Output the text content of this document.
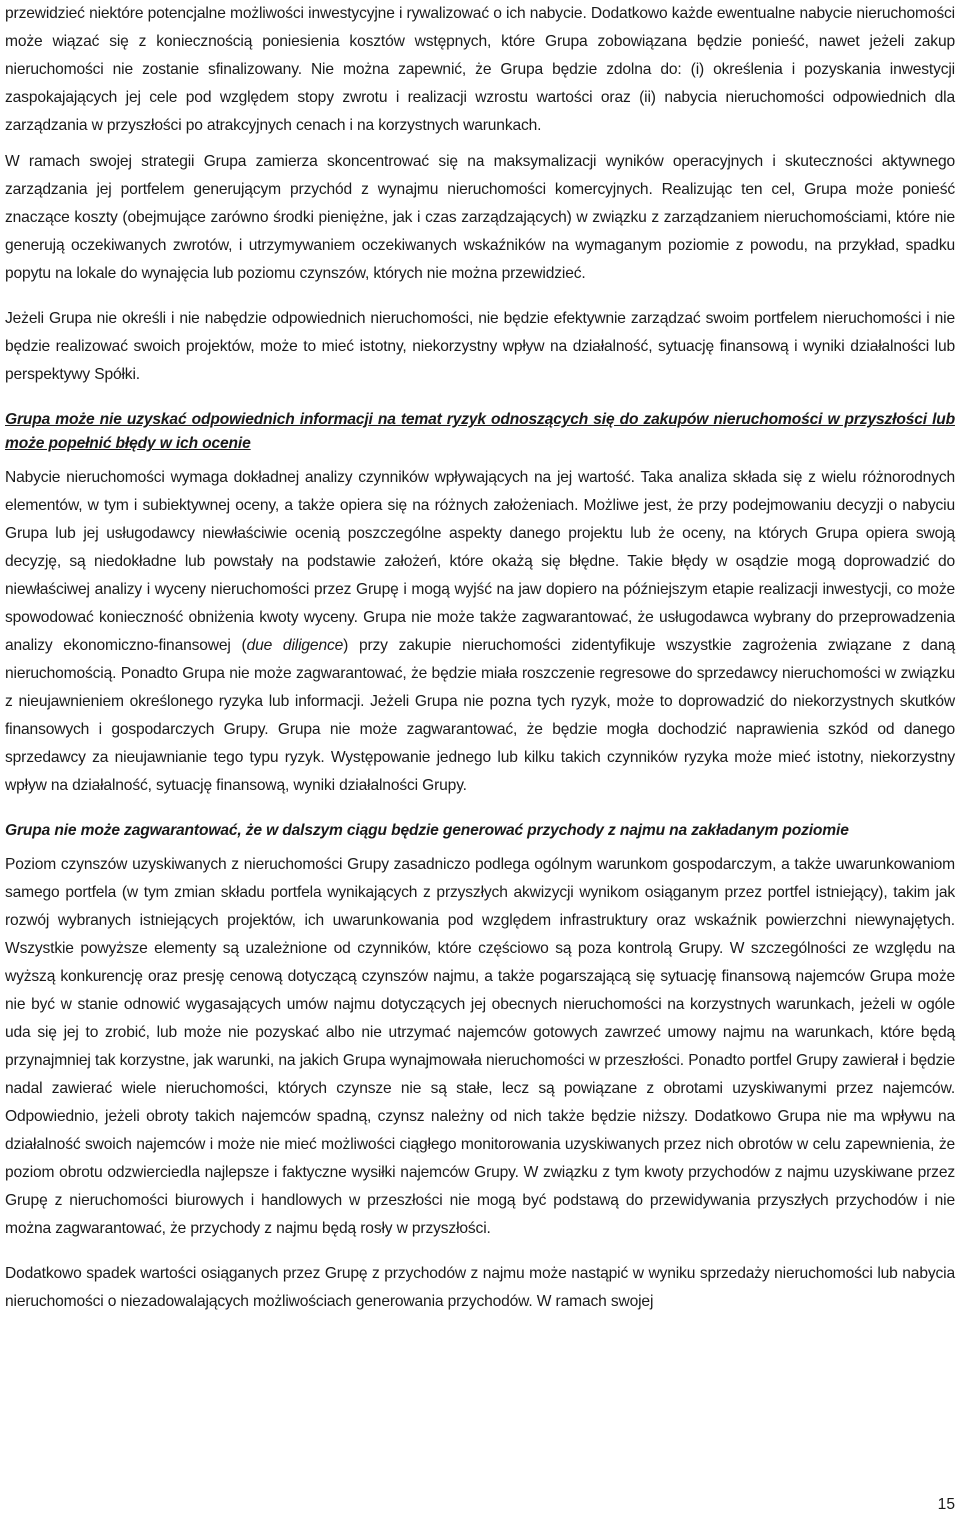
przewidzieć niektóre potencjalne możliwości inwestycyjne i rywalizować o ich nabycie. Dodatkowo każde ewentualne nabycie nieruchomości może wiązać się z koniecznością poniesienia kosztów wstępnych, które Grupa zobowiązana będzie ponieść, nawet jeżeli zakup nieruchomości nie zostanie sfinalizowany. Nie można zapewnić, że Grupa będzie zdolna do: (i) określenia i pozyskania inwestycji zaspokajających jej cele pod względem stopy zwrotu i realizacji wzrostu wartości oraz (ii) nabycia nieruchomości odpowiednich dla zarządzania w przyszłości po atrakcyjnych cenach i na korzystnych warunkach.

W ramach swojej strategii Grupa zamierza skoncentrować się na maksymalizacji wyników operacyjnych i skuteczności aktywnego zarządzania jej portfelem generującym przychód z wynajmu nieruchomości komercyjnych. Realizując ten cel, Grupa może ponieść znaczące koszty (obejmujące zarówno środki pieniężne, jak i czas zarządzających) w związku z zarządzaniem nieruchomościami, które nie generują oczekiwanych zwrotów, i utrzymywaniem oczekiwanych wskaźników na wymaganym poziomie z powodu, na przykład, spadku popytu na lokale do wynajęcia lub poziomu czynszów, których nie można przewidzieć.

Jeżeli Grupa nie określi i nie nabędzie odpowiednich nieruchomości, nie będzie efektywnie zarządzać swoim portfelem nieruchomości i nie będzie realizować swoich projektów, może to mieć istotny, niekorzystny wpływ na działalność, sytuację finansową i wyniki działalności lub perspektywy Spółki.

Grupa może nie uzyskać odpowiednich informacji na temat ryzyk odnoszących się do zakupów nieruchomości w przyszłości lub może popełnić błędy w ich ocenie

Nabycie nieruchomości wymaga dokładnej analizy czynników wpływających na jej wartość. Taka analiza składa się z wielu różnorodnych elementów, w tym i subiektywnej oceny, a także opiera się na różnych założeniach. Możliwe jest, że przy podejmowaniu decyzji o nabyciu Grupa lub jej usługodawcy niewłaściwie ocenią poszczególne aspekty danego projektu lub że oceny, na których Grupa opiera swoją decyzję, są niedokładne lub powstały na podstawie założeń, które okażą się błędne. Takie błędy w osądzie mogą doprowadzić do niewłaściwej analizy i wyceny nieruchomości przez Grupę i mogą wyjść na jaw dopiero na późniejszym etapie realizacji inwestycji, co może spowodować konieczność obniżenia kwoty wyceny. Grupa nie może także zagwarantować, że usługodawca wybrany do przeprowadzenia analizy ekonomiczno-finansowej (due diligence) przy zakupie nieruchomości zidentyfikuje wszystkie zagrożenia związane z daną nieruchomością. Ponadto Grupa nie może zagwarantować, że będzie miała roszczenie regresowe do sprzedawcy nieruchomości w związku z nieujawnieniem określonego ryzyka lub informacji. Jeżeli Grupa nie pozna tych ryzyk, może to doprowadzić do niekorzystnych skutków finansowych i gospodarczych Grupy. Grupa nie może zagwarantować, że będzie mogła dochodzić naprawienia szkód od danego sprzedawcy za nieujawnianie tego typu ryzyk. Występowanie jednego lub kilku takich czynników ryzyka może mieć istotny, niekorzystny wpływ na działalność, sytuację finansową, wyniki działalności Grupy.

Grupa nie może zagwarantować, że w dalszym ciągu będzie generować przychody z najmu na zakładanym poziomie

Poziom czynszów uzyskiwanych z nieruchomości Grupy zasadniczo podlega ogólnym warunkom gospodarczym, a także uwarunkowaniom samego portfela (w tym zmian składu portfela wynikających z przyszłych akwizycji wynikom osiąganym przez portfel istniejący), takim jak rozwój wybranych istniejących projektów, ich uwarunkowania pod względem infrastruktury oraz wskaźnik powierzchni niewynajętych. Wszystkie powyższe elementy są uzależnione od czynników, które częściowo są poza kontrolą Grupy. W szczególności ze względu na wyższą konkurencję oraz presję cenową dotyczącą czynszów najmu, a także pogarszającą się sytuację finansową najemców Grupa może nie być w stanie odnowić wygasających umów najmu dotyczących jej obecnych nieruchomości na korzystnych warunkach, jeżeli w ogóle uda się jej to zrobić, lub może nie pozyskać albo nie utrzymać najemców gotowych zawrzeć umowy najmu na warunkach, które będą przynajmniej tak korzystne, jak warunki, na jakich Grupa wynajmowała nieruchomości w przeszłości. Ponadto portfel Grupy zawierał i będzie nadal zawierać wiele nieruchomości, których czynsze nie są stałe, lecz są powiązane z obrotami uzyskiwanymi przez najemców. Odpowiednio, jeżeli obroty takich najemców spadną, czynsz należny od nich także będzie niższy. Dodatkowo Grupa nie ma wpływu na działalność swoich najemców i może nie mieć możliwości ciągłego monitorowania uzyskiwanych przez nich obrotów w celu zapewnienia, że poziom obrotu odzwierciedla najlepsze i faktyczne wysiłki najemców Grupy. W związku z tym kwoty przychodów z najmu uzyskiwane przez Grupę z nieruchomości biurowych i handlowych w przeszłości nie mogą być podstawą do przewidywania przyszłych przychodów i nie można zagwarantować, że przychody z najmu będą rosły w przyszłości.

Dodatkowo spadek wartości osiąganych przez Grupę z przychodów z najmu może nastąpić w wyniku sprzedaży nieruchomości lub nabycia nieruchomości o niezadowalających możliwościach generowania przychodów. W ramach swojej

15
